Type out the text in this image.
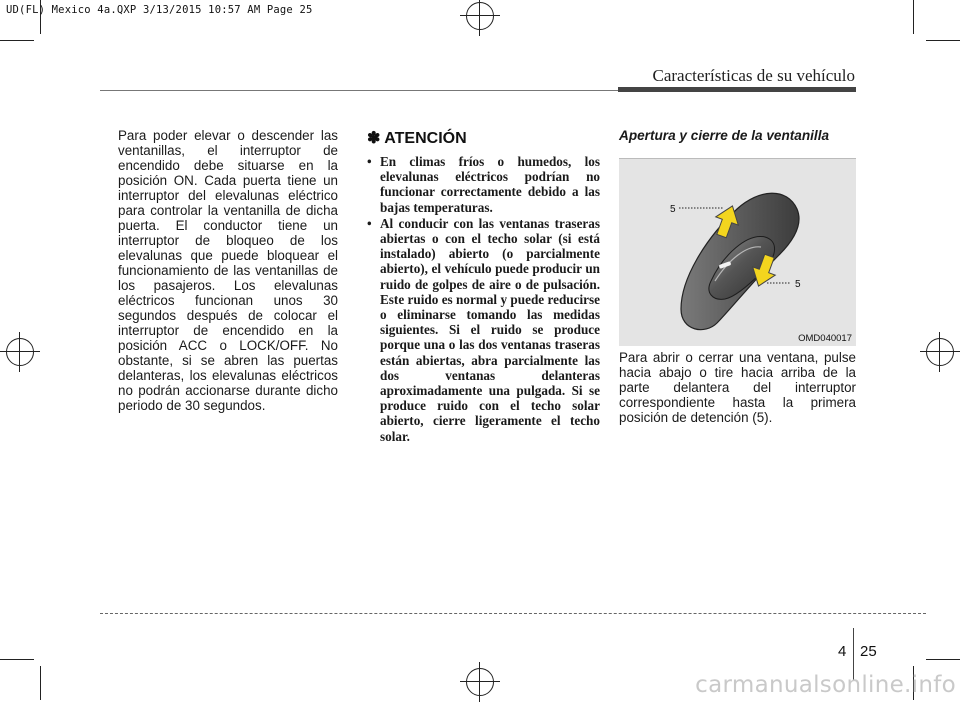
UD(FL) Mexico 4a.QXP 3/13/2015 10:57 AM Page 25
Características de su vehículo
Para poder elevar o descender las ventanillas, el interruptor de encendido debe situarse en la posición ON. Cada puerta tiene un interruptor del elevalunas eléctrico para controlar la ventanilla de dicha puerta. El conductor tiene un interruptor de bloqueo de los elevalunas que puede bloquear el funcionamiento de las ventanillas de los pasajeros. Los elevalunas eléctricos funcionan unos 30 segundos después de colocar el interruptor de encendido en la posición ACC o LOCK/OFF. No obstante, si se abren las puertas delanteras, los elevalunas eléctricos no podrán accionarse durante dicho periodo de 30 segundos.
✽ ATENCIÓN
• En climas fríos o humedos, los elevalunas eléctricos podrían no funcionar correctamente debido a las bajas temperaturas.
• Al conducir con las ventanas traseras abiertas o con el techo solar (si está instalado) abierto (o parcialmente abierto), el vehículo puede producir un ruido de golpes de aire o de pulsación. Este ruido es normal y puede reducirse o eliminarse tomando las medidas siguientes. Si el ruido se produce porque una o las dos ventanas traseras están abiertas, abra parcialmente las dos ventanas delanteras aproximadamente una pulgada. Si se produce ruido con el techo solar abierto, cierre ligeramente el techo solar.
Apertura y cierre de la ventanilla
5
5
OMD040017
Para abrir o cerrar una ventana, pulse hacia abajo o tire hacia arriba de la parte delantera del interruptor correspondiente hasta la primera posición de detención (5).
4 25
carmanualsonline.info
